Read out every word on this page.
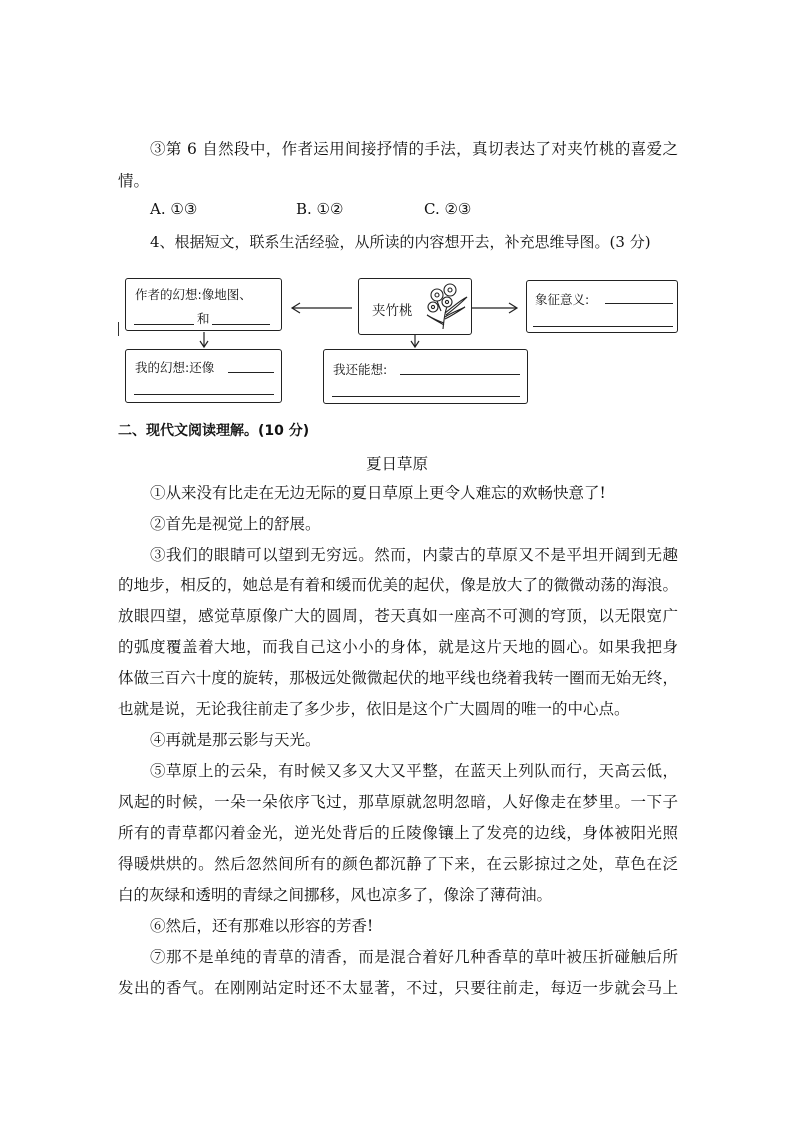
③第 6 自然段中，作者运用间接抒情的手法，真切表达了对夹竹桃的喜爱之
情。
A. ①③	B. ①②	C. ②③
4、根据短文，联系生活经验，从所读的内容想开去，补充思维导图。(3 分)
作者的幻想:像地图、
和	夹竹桃
象征意义:
我的幻想:还像	我还能想:
二、现代文阅读理解。(10 分)
夏日草原
①从来没有比走在无边无际的夏日草原上更令人难忘的欢畅快意了!
②首先是视觉上的舒展。
③我们的眼睛可以望到无穷远。然而，内蒙古的草原又不是平坦开阔到无趣
的地步，相反的，她总是有着和缓而优美的起伏，像是放大了的微微动荡的海浪。
放眼四望，感觉草原像广大的圆周，苍天真如一座高不可测的穹顶，以无限宽广
的弧度覆盖着大地，而我自己这小小的身体，就是这片天地的圆心。如果我把身
体做三百六十度的旋转，那极远处微微起伏的地平线也绕着我转一圈而无始无终，
也就是说，无论我往前走了多少步，依旧是这个广大圆周的唯一的中心点。
④再就是那云影与天光。
⑤草原上的云朵，有时候又多又大又平整，在蓝天上列队而行，天高云低，
风起的时候，一朵一朵依序飞过，那草原就忽明忽暗，人好像走在梦里。一下子
所有的青草都闪着金光，逆光处背后的丘陵像镶上了发亮的边线，身体被阳光照
得暖烘烘的。然后忽然间所有的颜色都沉静了下来，在云影掠过之处，草色在泛
白的灰绿和透明的青绿之间挪移，风也凉多了，像涂了薄荷油。
⑥然后，还有那难以形容的芳香!
⑦那不是单纯的青草的清香，而是混合着好几种香草的草叶被压折碰触后所
发出的香气。在刚刚站定时还不太显著，不过，只要往前走，每迈一步就会马上
